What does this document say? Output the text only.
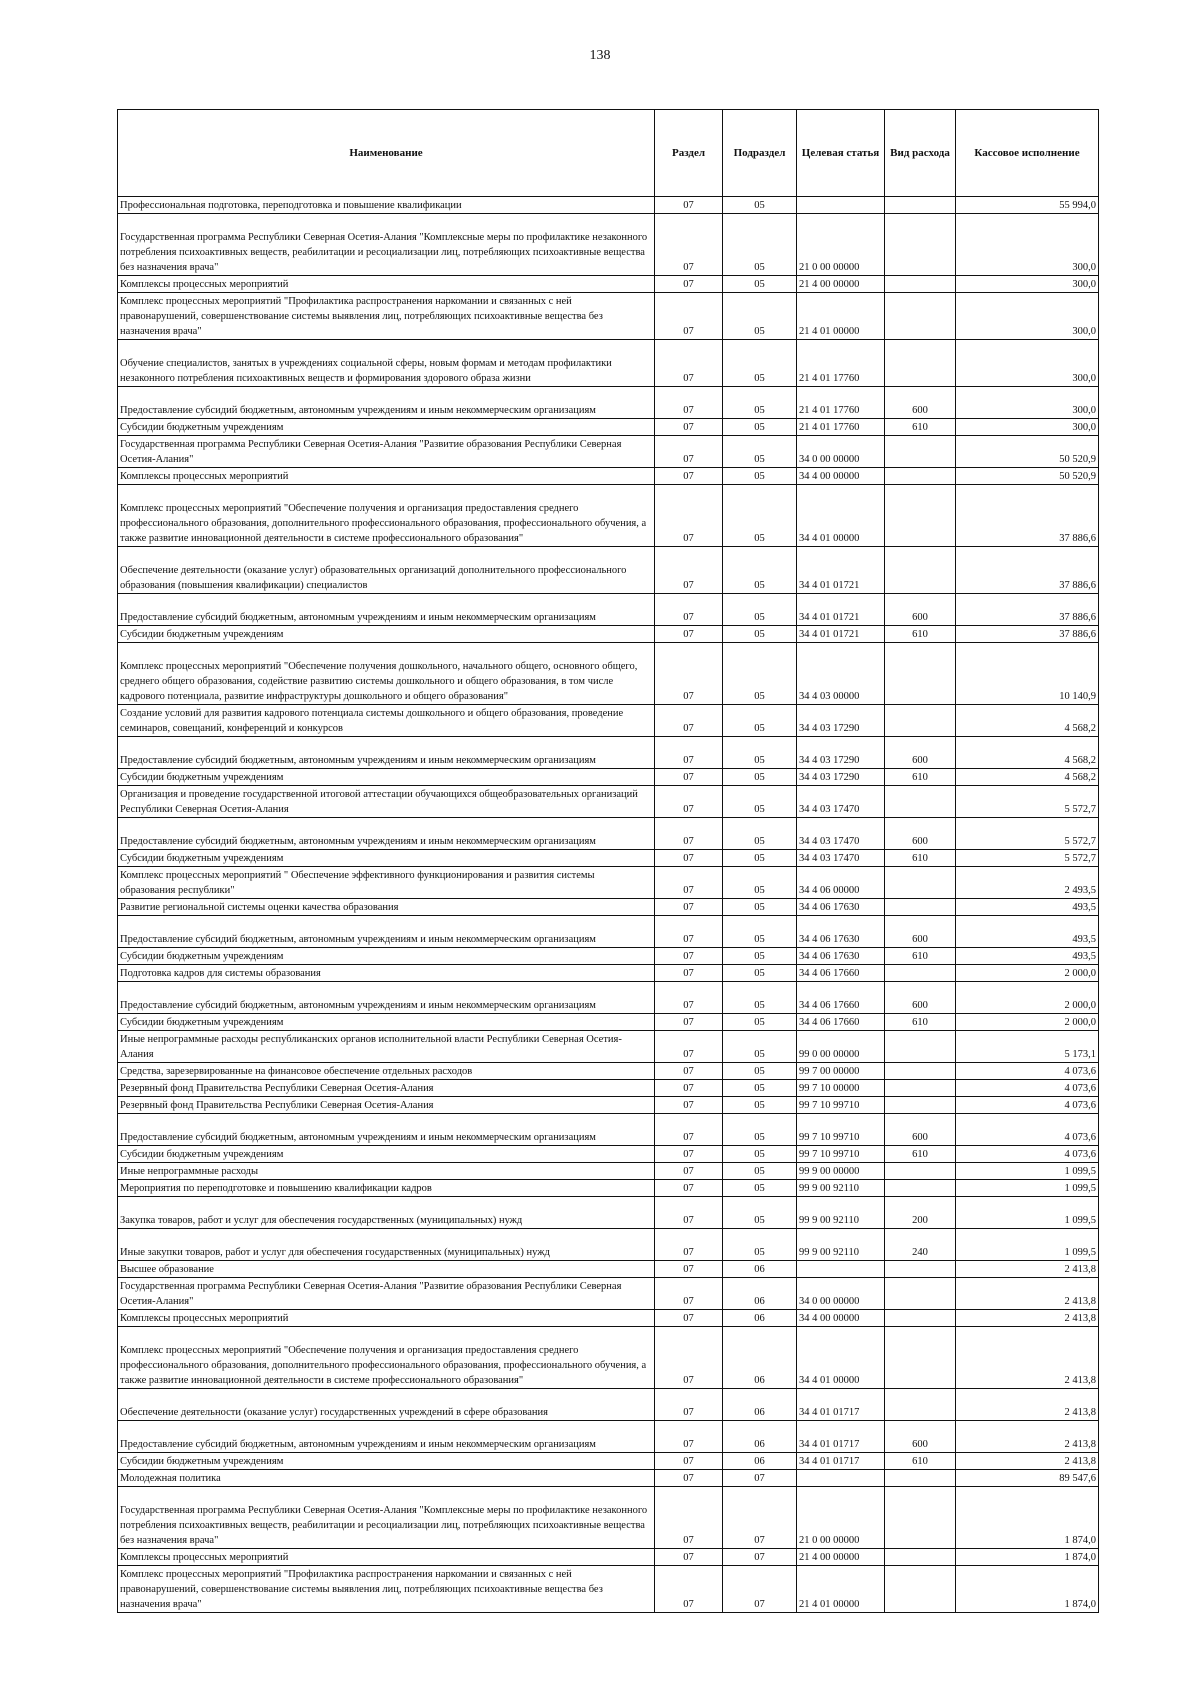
138
Наименование	Раздел	Подраздел	Целевая статья	Вид расхода	Кассовое исполнение
Профессиональная подготовка, переподготовка и повышение квалификации	07	05			55 994,0
Государственная программа Республики Северная Осетия-Алания "Комплексные меры по профилактике незаконного потребления психоактивных веществ, реабилитации и ресоциализации лиц, потребляющих психоактивные вещества без назначения врача"	07	05	21 0 00 00000		300,0
Комплексы процессных мероприятий	07	05	21 4 00 00000		300,0
Комплекс процессных мероприятий "Профилактика распространения наркомании и связанных с ней правонарушений, совершенствование системы выявления лиц, потребляющих психоактивные вещества без назначения врача"	07	05	21 4 01 00000		300,0
Обучение специалистов, занятых в учреждениях социальной сферы, новым формам и методам профилактики незаконного потребления психоактивных веществ и формирования здорового образа жизни	07	05	21 4 01 17760		300,0
Предоставление субсидий бюджетным, автономным учреждениям и иным некоммерческим организациям	07	05	21 4 01 17760	600	300,0
Субсидии бюджетным учреждениям	07	05	21 4 01 17760	610	300,0
Государственная программа Республики Северная Осетия-Алания "Развитие образования Республики Северная Осетия-Алания"	07	05	34 0 00 00000		50 520,9
Комплексы процессных мероприятий	07	05	34 4 00 00000		50 520,9
Комплекс процессных мероприятий "Обеспечение получения и организация предоставления среднего профессионального образования, дополнительного профессионального образования, профессионального обучения, а также развитие инновационной деятельности в системе профессионального образования"	07	05	34 4 01 00000		37 886,6
Обеспечение деятельности (оказание услуг) образовательных организаций дополнительного профессионального образования (повышения квалификации) специалистов	07	05	34 4 01 01721		37 886,6
Предоставление субсидий бюджетным, автономным учреждениям и иным некоммерческим организациям	07	05	34 4 01 01721	600	37 886,6
Субсидии бюджетным учреждениям	07	05	34 4 01 01721	610	37 886,6
Комплекс процессных мероприятий "Обеспечение получения дошкольного, начального общего, основного общего, среднего общего образования, содействие развитию системы дошкольного и общего образования, в том числе кадрового потенциала, развитие инфраструктуры дошкольного и общего образования"	07	05	34 4 03 00000		10 140,9
Создание условий для развития кадрового потенциала системы дошкольного и общего образования, проведение семинаров, совещаний, конференций и конкурсов	07	05	34 4 03 17290		4 568,2
Предоставление субсидий бюджетным, автономным учреждениям и иным некоммерческим организациям	07	05	34 4 03 17290	600	4 568,2
Субсидии бюджетным учреждениям	07	05	34 4 03 17290	610	4 568,2
Организация и проведение государственной итоговой аттестации обучающихся общеобразовательных организаций Республики Северная Осетия-Алания	07	05	34 4 03 17470		5 572,7
Предоставление субсидий бюджетным, автономным учреждениям и иным некоммерческим организациям	07	05	34 4 03 17470	600	5 572,7
Субсидии бюджетным учреждениям	07	05	34 4 03 17470	610	5 572,7
Комплекс процессных мероприятий " Обеспечение эффективного функционирования и развития системы образования республики"	07	05	34 4 06 00000		2 493,5
Развитие региональной системы оценки качества образования	07	05	34 4 06 17630		493,5
Предоставление субсидий бюджетным, автономным учреждениям и иным некоммерческим организациям	07	05	34 4 06 17630	600	493,5
Субсидии бюджетным учреждениям	07	05	34 4 06 17630	610	493,5
Подготовка кадров для системы образования	07	05	34 4 06 17660		2 000,0
Предоставление субсидий бюджетным, автономным учреждениям и иным некоммерческим организациям	07	05	34 4 06 17660	600	2 000,0
Субсидии бюджетным учреждениям	07	05	34 4 06 17660	610	2 000,0
Иные непрограммные расходы республиканских органов исполнительной власти Республики Северная Осетия-Алания	07	05	99 0 00 00000		5 173,1
Средства, зарезервированные на финансовое обеспечение отдельных расходов	07	05	99 7 00 00000		4 073,6
Резервный фонд Правительства Республики Северная Осетия-Алания	07	05	99 7 10 00000		4 073,6
Резервный фонд Правительства Республики Северная Осетия-Алания	07	05	99 7 10 99710		4 073,6
Предоставление субсидий бюджетным, автономным учреждениям и иным некоммерческим организациям	07	05	99 7 10 99710	600	4 073,6
Субсидии бюджетным учреждениям	07	05	99 7 10 99710	610	4 073,6
Иные непрограммные расходы	07	05	99 9 00 00000		1 099,5
Мероприятия по переподготовке и повышению квалификации кадров	07	05	99 9 00 92110		1 099,5
Закупка товаров, работ и услуг для обеспечения государственных (муниципальных) нужд	07	05	99 9 00 92110	200	1 099,5
Иные закупки товаров, работ и услуг для обеспечения государственных (муниципальных) нужд	07	05	99 9 00 92110	240	1 099,5
Высшее образование	07	06			2 413,8
Государственная программа Республики Северная Осетия-Алания "Развитие образования Республики Северная Осетия-Алания"	07	06	34 0 00 00000		2 413,8
Комплексы процессных мероприятий	07	06	34 4 00 00000		2 413,8
Комплекс процессных мероприятий "Обеспечение получения и организация предоставления среднего профессионального образования, дополнительного профессионального образования, профессионального обучения, а также развитие инновационной деятельности в системе профессионального образования"	07	06	34 4 01 00000		2 413,8
Обеспечение деятельности (оказание услуг) государственных учреждений в сфере образования	07	06	34 4 01 01717		2 413,8
Предоставление субсидий бюджетным, автономным учреждениям и иным некоммерческим организациям	07	06	34 4 01 01717	600	2 413,8
Субсидии бюджетным учреждениям	07	06	34 4 01 01717	610	2 413,8
Молодежная политика	07	07			89 547,6
Государственная программа Республики Северная Осетия-Алания "Комплексные меры по профилактике незаконного потребления психоактивных веществ, реабилитации и ресоциализации лиц, потребляющих психоактивные вещества без назначения врача"	07	07	21 0 00 00000		1 874,0
Комплексы процессных мероприятий	07	07	21 4 00 00000		1 874,0
Комплекс процессных мероприятий "Профилактика распространения наркомании и связанных с ней правонарушений, совершенствование системы выявления лиц, потребляющих психоактивные вещества без назначения врача"	07	07	21 4 01 00000		1 874,0
